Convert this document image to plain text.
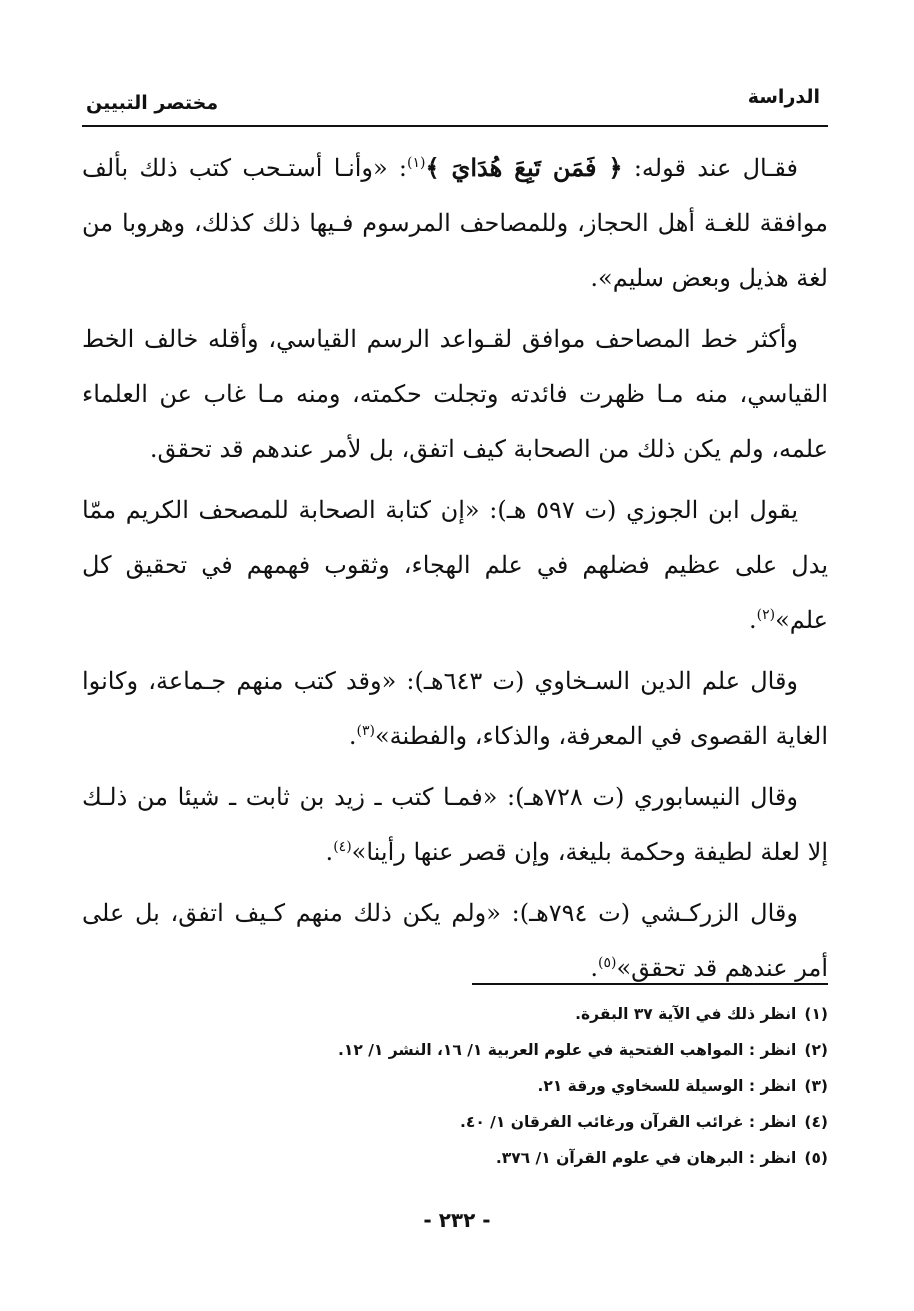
الدراسة
مختصر التبيين

فقـال عند قوله: ﴿ فَمَن تَبِعَ هُدَايَ ﴾$^{(١)}$: «وأنـا أستـحب كتب ذلك بألف موافقة للغـة أهل الحجاز، وللمصاحف المرسوم فـيها ذلك كذلك، وهروبا من لغة هذيل وبعض سليم».

وأكثر خط المصاحف موافق لقـواعد الرسم القياسي، وأقله خالف الخط القياسي، منه مـا ظهرت فائدته وتجلت حكمته، ومنه مـا غاب عن العلماء علمه، ولم يكن ذلك من الصحابة كيف اتفق، بل لأمر عندهم قد تحقق.

يقول ابن الجوزي (ت ٥٩٧ هـ): «إن كتابة الصحابة للمصحف الكريم ممّا يدل على عظيم فضلهم في علم الهجاء، وثقوب فهمهم في تحقيق كل علم»$^{(٢)}$.

وقال علم الدين السـخاوي (ت ٦٤٣هـ): «وقد كتب منهم جـماعة، وكانوا الغاية القصوى في المعرفة، والذكاء، والفطنة»$^{(٣)}$.

وقال النيسابوري (ت ٧٢٨هـ): «فمـا كتب ـ زيد بن ثابت ـ شيئا من ذلـك إلا لعلة لطيفة وحكمة بليغة، وإن قصر عنها رأينا»$^{(٤)}$.

وقال الزركـشي (ت ٧٩٤هـ): «ولم يكن ذلك منهم كـيف اتفق، بل على أمر عندهم قد تحقق»$^{(٥)}$.

(١)انظر ذلك في الآية ٣٧ البقرة.
(٢)انظر : المواهب الفتحية في علوم العربية ١/ ١٦، النشر ١/ ١٢.
(٣)انظر : الوسيلة للسخاوي ورقة ٢١.
(٤)انظر : غرائب القرآن ورغائب الفرقان ١/ ٤٠.
(٥)انظر : البرهان في علوم القرآن ١/ ٣٧٦.
- ٢٣٢ -
